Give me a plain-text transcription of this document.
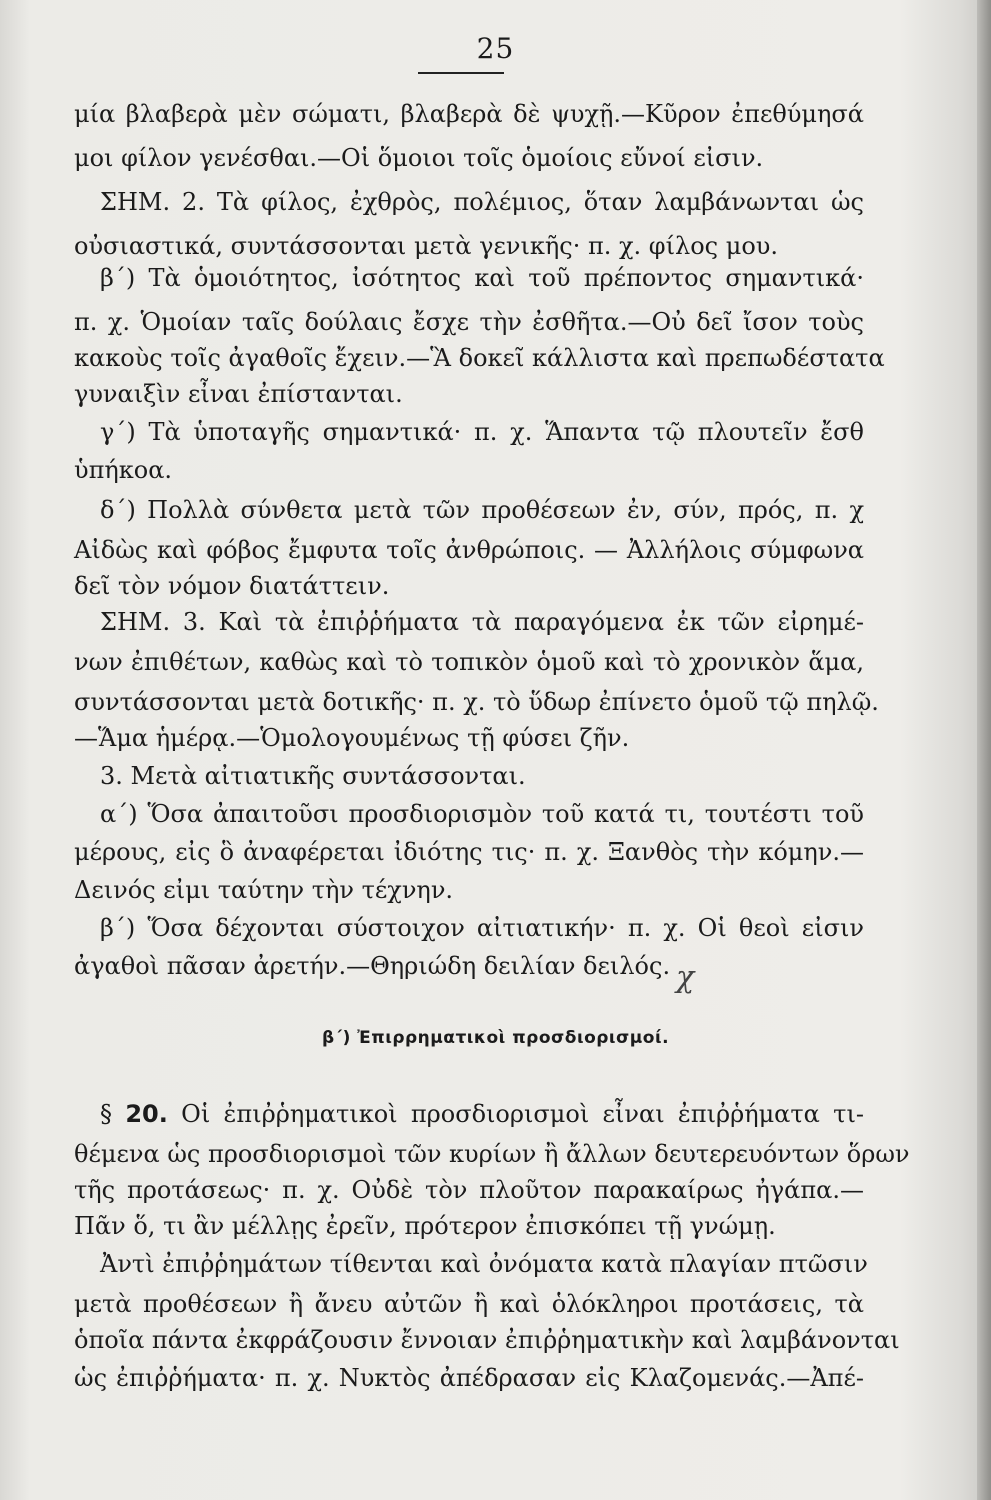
25
μία βλαβερὰ μὲν σώματι, βλαβερὰ δὲ ψυχῇ.—Κῦρον ἐπεθύμησά
μοι φίλον γενέσθαι.—Οἱ ὅμοιοι τοῖς ὁμοίοις εὔνοί εἰσιν.
ΣΗΜ. 2. Τὰ φίλος, ἐχθρὸς, πολέμιος, ὅταν λαμβάνωνται ὡς
οὐσιαστικά, συντάσσονται μετὰ γενικῆς· π. χ. φίλος μου.
β΄) Τὰ ὁμοιότητος, ἰσότητος καὶ τοῦ πρέποντος σημαντικά·
π. χ. Ὁμοίαν ταῖς δούλαις ἔσχε τὴν ἐσθῆτα.—Οὐ δεῖ ἴσον τοὺς
κακοὺς τοῖς ἀγαθοῖς ἔχειν.—Ἃ δοκεῖ κάλλιστα καὶ πρεπωδέστατα
γυναιξὶν εἶναι ἐπίστανται.
γ΄) Τὰ ὑποταγῆς σημαντικά· π. χ. Ἅπαντα τῷ πλουτεῖν ἔσθ
ὑπήκοα.
δ΄) Πολλὰ σύνθετα μετὰ τῶν προθέσεων ἐν, σύν, πρός, π. χ
Αἰδὼς καὶ φόβος ἔμφυτα τοῖς ἀνθρώποις. — Ἀλλήλοις σύμφωνα
δεῖ τὸν νόμον διατάττειν.
ΣΗΜ. 3. Καὶ τὰ ἐπιῤῥήματα τὰ παραγόμενα ἐκ τῶν εἰρημέ-
νων ἐπιθέτων, καθὼς καὶ τὸ τοπικὸν ὁμοῦ καὶ τὸ χρονικὸν ἅμα,
συντάσσονται μετὰ δοτικῆς· π. χ. τὸ ὕδωρ ἐπίνετο ὁμοῦ τῷ πηλῷ.
—Ἅμα ἡμέρᾳ.—Ὁμολογουμένως τῇ φύσει ζῆν.
3. Μετὰ αἰτιατικῆς συντάσσονται.
α΄) Ὅσα ἀπαιτοῦσι προσδιορισμὸν τοῦ κατά τι, τουτέστι τοῦ
μέρους, εἰς ὃ ἀναφέρεται ἰδιότης τις· π. χ. Ξανθὸς τὴν κόμην.—
Δεινός εἰμι ταύτην τὴν τέχνην.
β΄) Ὅσα δέχονται σύστοιχον αἰτιατικήν· π. χ. Οἱ θεοὶ εἰσιν
ἀγαθοὶ πᾶσαν ἀρετήν.—Θηριώδη δειλίαν δειλός. χ
β΄) Ἐπιρρηματικοὶ προσδιορισμοί.
§ 20. Οἱ ἐπιῤῥηματικοὶ προσδιορισμοὶ εἶναι ἐπιῤῥήματα τι-
θέμενα ὡς προσδιορισμοὶ τῶν κυρίων ἢ ἄλλων δευτερευόντων ὅρων
τῆς προτάσεως· π. χ. Οὐδὲ τὸν πλοῦτον παρακαίρως ἠγάπα.—
Πᾶν ὅ, τι ἂν μέλλῃς ἐρεῖν, πρότερον ἐπισκόπει τῇ γνώμῃ.
Ἀντὶ ἐπιῤῥημάτων τίθενται καὶ ὀνόματα κατὰ πλαγίαν πτῶσιν
μετὰ προθέσεων ἢ ἄνευ αὐτῶν ἢ καὶ ὁλόκληροι προτάσεις, τὰ
ὁποῖα πάντα ἐκφράζουσιν ἔννοιαν ἐπιῤῥηματικὴν καὶ λαμβάνονται
ὡς ἐπιῤῥήματα· π. χ. Νυκτὸς ἀπέδρασαν εἰς Κλαζομενάς.—Ἀπέ-
